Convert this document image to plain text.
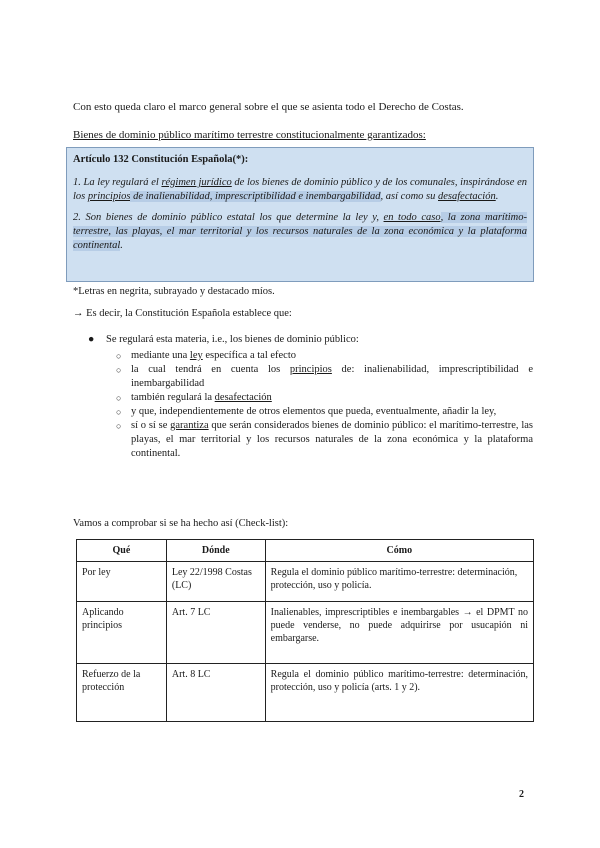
Con esto queda claro el marco general sobre el que se asienta todo el Derecho de Costas.
Bienes de dominio público marítimo terrestre constitucionalmente garantizados:
Artículo 132 Constitución Española(*):
1. La ley regulará el régimen jurídico de los bienes de dominio público y de los comunales, inspirándose en los principios de inalienabilidad, imprescriptibilidad e inembargabilidad, así como su desafectación.
2. Son bienes de dominio público estatal los que determine la ley y, en todo caso, la zona marítimo-terrestre, las playas, el mar territorial y los recursos naturales de la zona económica y la plataforma continental.
*Letras en negrita, subrayado y destacado míos.
→ Es decir, la Constitución Española establece que:
● Se regulará esta materia, i.e., los bienes de dominio público:
○ mediante una ley específica a tal efecto
○ la cual tendrá en cuenta los principios de: inalienabilidad, imprescriptibilidad e inembargabilidad
○ también regulará la desafectación
○ y que, independientemente de otros elementos que pueda, eventualmente, añadir la ley,
○ sí o sí se garantiza que serán considerados bienes de dominio público: el marítimo-terrestre, las playas, el mar territorial y los recursos naturales de la zona económica y la plataforma continental.
Vamos a comprobar si se ha hecho así (Check-list):
Qué	Dónde	Cómo
Por ley	Ley 22/1998 Costas (LC)	Regula el dominio público marítimo-terrestre: determinación, protección, uso y policía.
Aplicando principios	Art. 7 LC	Inalienables, imprescriptibles e inembargables → el DPMT no puede venderse, no puede adquirirse por usucapión ni embargarse.
Refuerzo de la protección	Art. 8 LC	Regula el dominio público marítimo-terrestre: determinación, protección, uso y policía (arts. 1 y 2).
2
